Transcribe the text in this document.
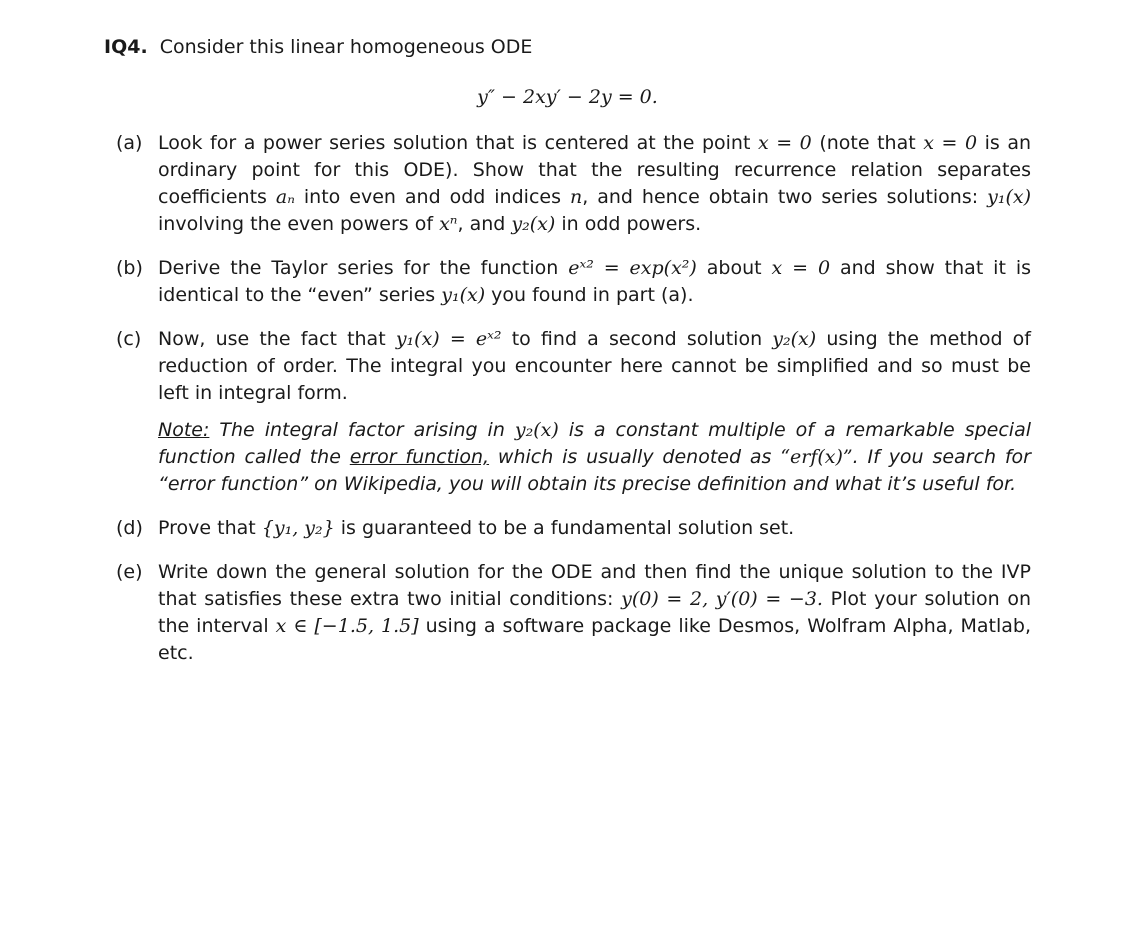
IQ4. Consider this linear homogeneous ODE

y″ − 2xy′ − 2y = 0.
(a) Look for a power series solution that is centered at the point x = 0 (note that x = 0 is an ordinary point for this ODE). Show that the resulting recurrence relation separates coefficients aₙ into even and odd indices n, and hence obtain two series solutions: y₁(x) involving the even powers of xⁿ, and y₂(x) in odd powers.
(b) Derive the Taylor series for the function eˣ² = exp(x²) about x = 0 and show that it is identical to the “even” series y₁(x) you found in part (a).
(c) Now, use the fact that y₁(x) = eˣ² to find a second solution y₂(x) using the method of reduction of order. The integral you encounter here cannot be simplified and so must be left in integral form.
Note: The integral factor arising in y₂(x) is a constant multiple of a remarkable special function called the error function, which is usually denoted as “erf(x)”. If you search for “error function” on Wikipedia, you will obtain its precise definition and what it’s useful for.
(d) Prove that {y₁, y₂} is guaranteed to be a fundamental solution set.
(e) Write down the general solution for the ODE and then find the unique solution to the IVP that satisfies these extra two initial conditions: y(0) = 2, y′(0) = −3. Plot your solution on the interval x ∈ [−1.5, 1.5] using a software package like Desmos, Wolfram Alpha, Matlab, etc.
